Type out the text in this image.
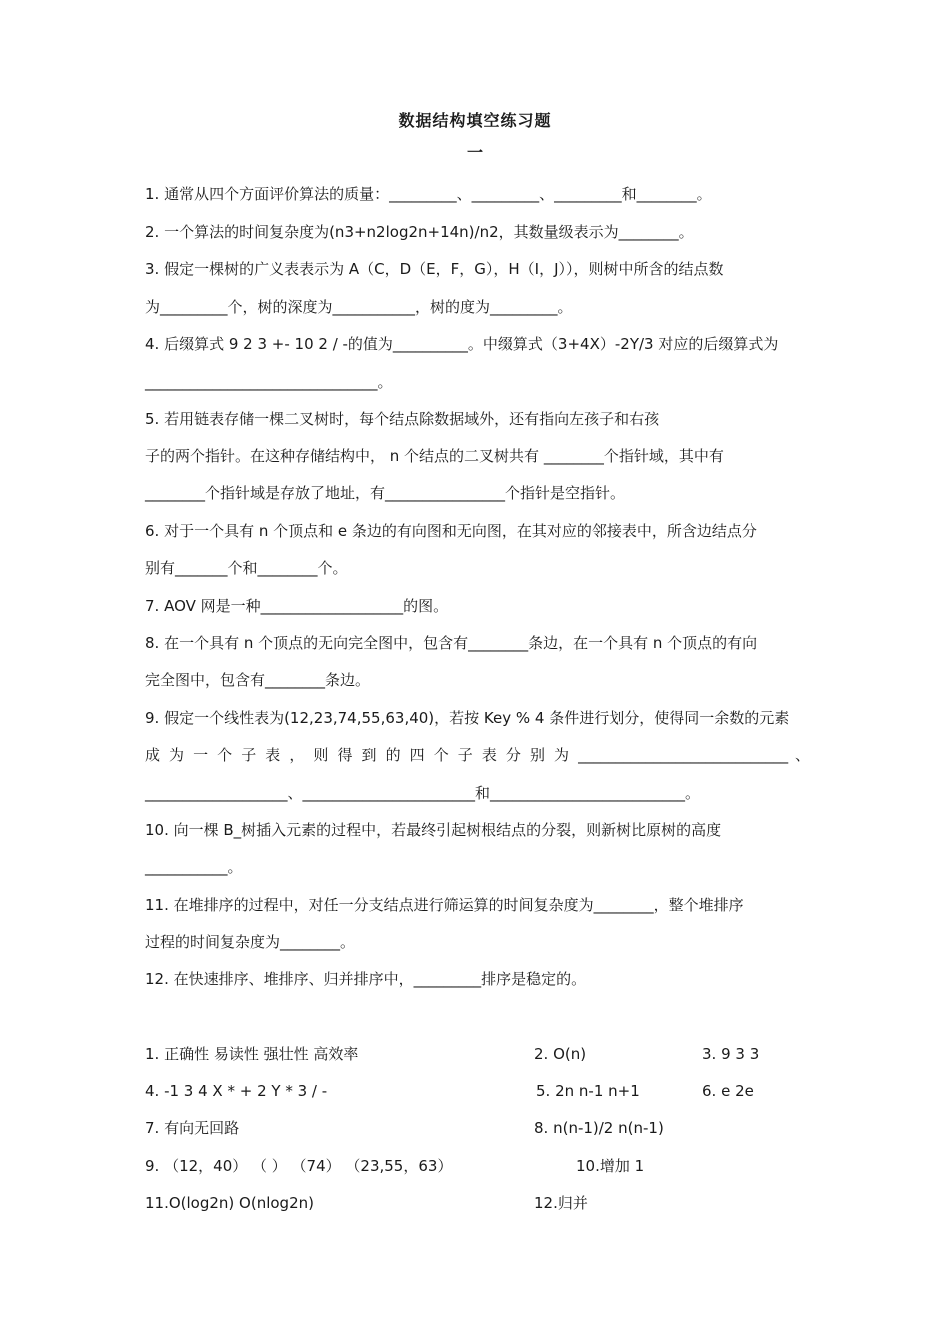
数据结构填空练习题
一
1. 通常从四个方面评价算法的质量：_________、_________、_________和________。
2. 一个算法的时间复杂度为(n3+n2log2n+14n)/n2，其数量级表示为________。
3. 假定一棵树的广义表表示为 A（C，D（E，F，G），H（I，J）），则树中所含的结点数
为_________个，树的深度为___________，树的度为_________。
4. 后缀算式 9 2 3 +- 10 2 / -的值为__________。中缀算式（3+4X）-2Y/3 对应的后缀算式为
_______________________________。
5. 若用链表存储一棵二叉树时，每个结点除数据域外，还有指向左孩子和右孩
子的两个指针。在这种存储结构中， n 个结点的二叉树共有 ________个指针域，其中有
________个指针域是存放了地址，有________________个指针是空指针。
6. 对于一个具有 n 个顶点和 e 条边的有向图和无向图，在其对应的邻接表中，所含边结点分
别有_______个和________个。
7. AOV 网是一种___________________的图。
8. 在一个具有 n 个顶点的无向完全图中，包含有________条边，在一个具有 n 个顶点的有向
完全图中，包含有________条边。
9. 假定一个线性表为(12,23,74,55,63,40)，若按 Key % 4 条件进行划分，使得同一余数的元素
成 为 一 个 子 表 ， 则 得 到 的 四 个 子 表 分 别 为 ____________________________ 、
___________________、_______________________和__________________________。
10. 向一棵 B_树插入元素的过程中，若最终引起树根结点的分裂，则新树比原树的高度
___________。
11. 在堆排序的过程中，对任一分支结点进行筛运算的时间复杂度为________，整个堆排序
过程的时间复杂度为________。
12. 在快速排序、堆排序、归并排序中，_________排序是稳定的。
1. 正确性 易读性 强壮性 高效率	2. O(n)	3. 9 3 3
4. -1 3 4 X * + 2 Y * 3 / -	5. 2n n-1 n+1	6. e 2e
7. 有向无回路	8. n(n-1)/2 n(n-1)
9. （12，40） （ ） （74） （23,55，63）	10.增加 1
11.O(log2n) O(nlog2n)	12.归并
